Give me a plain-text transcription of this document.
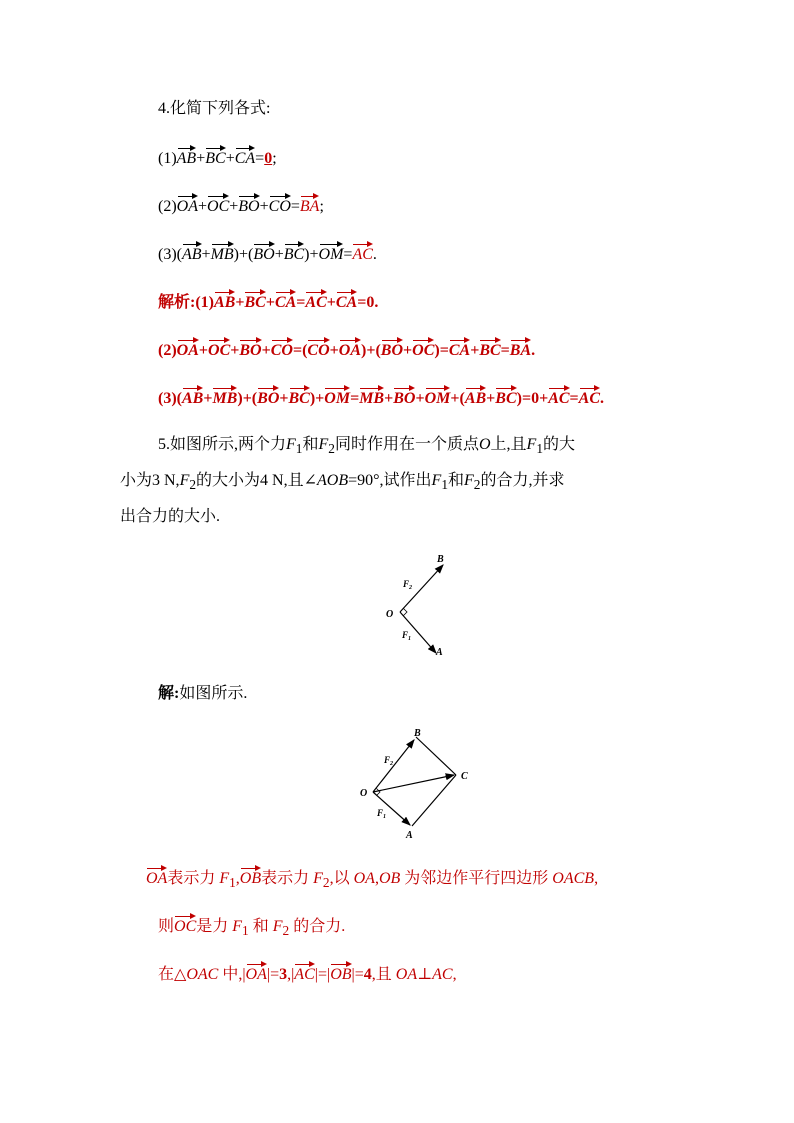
4.化简下列各式:
(1)AB+BC+CA=0;
(2)OA+OC+BO+CO=BA;
(3)(AB+MB)+(BO+BC)+OM=AC.
解析:(1)AB+BC+CA=AC+CA=0.
(2)OA+OC+BO+CO=(CO+OA)+(BO+OC)=CA+BC=BA.
(3)(AB+MB)+(BO+BC)+OM=MB+BO+OM+(AB+BC)=0+AC=AC.
5.如图所示,两个力$F_1$和$F_2$同时作用在一个质点O上,且$F_1$的大
小为3 $N,F_2$的大小为4 N,且∠AOB=90°,试作出$F_1$和$F_2$的合力,并求
出合力的大小.
B
O
A
$F_2$
$F_1$
解:如图所示.
B
O
A
C
$F_2$
$F_1$
OA表示力 $F_1,OB$表示力 $F_2$,以 OA,OB 为邻边作平行四边形 OACB,
则OC是力 $F_1$ 和 $F_2$ 的合力.
在△OAC 中,|OA|=3,|AC|=|OB|=4,且 OA⊥AC,
